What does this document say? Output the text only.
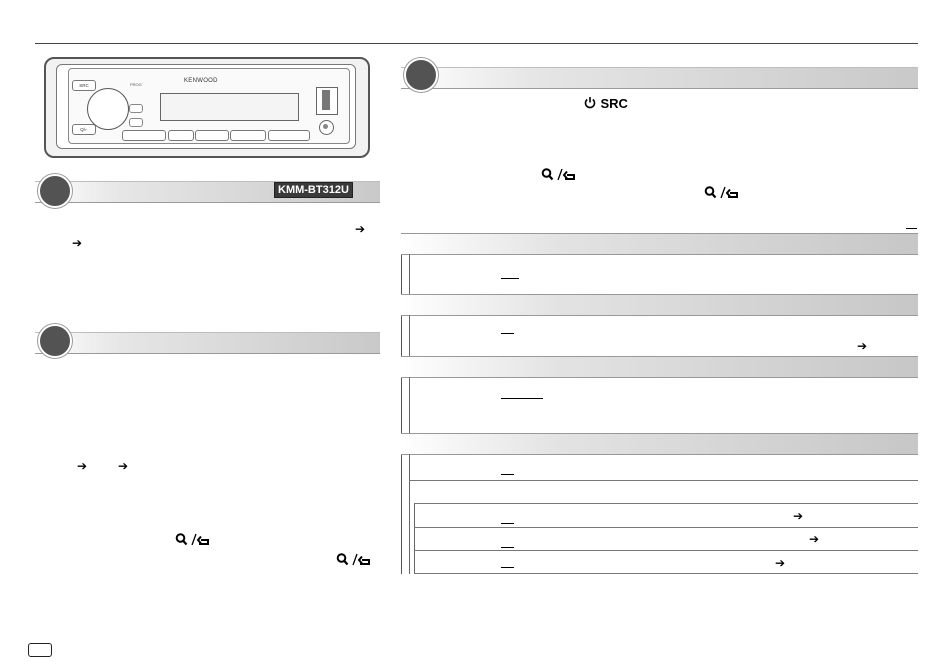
KENWOOD
SRC
Q/⌐
PROG
KMM-BT312U
➔
➔
➔	➔
SRC
➔
➔
➔
➔
